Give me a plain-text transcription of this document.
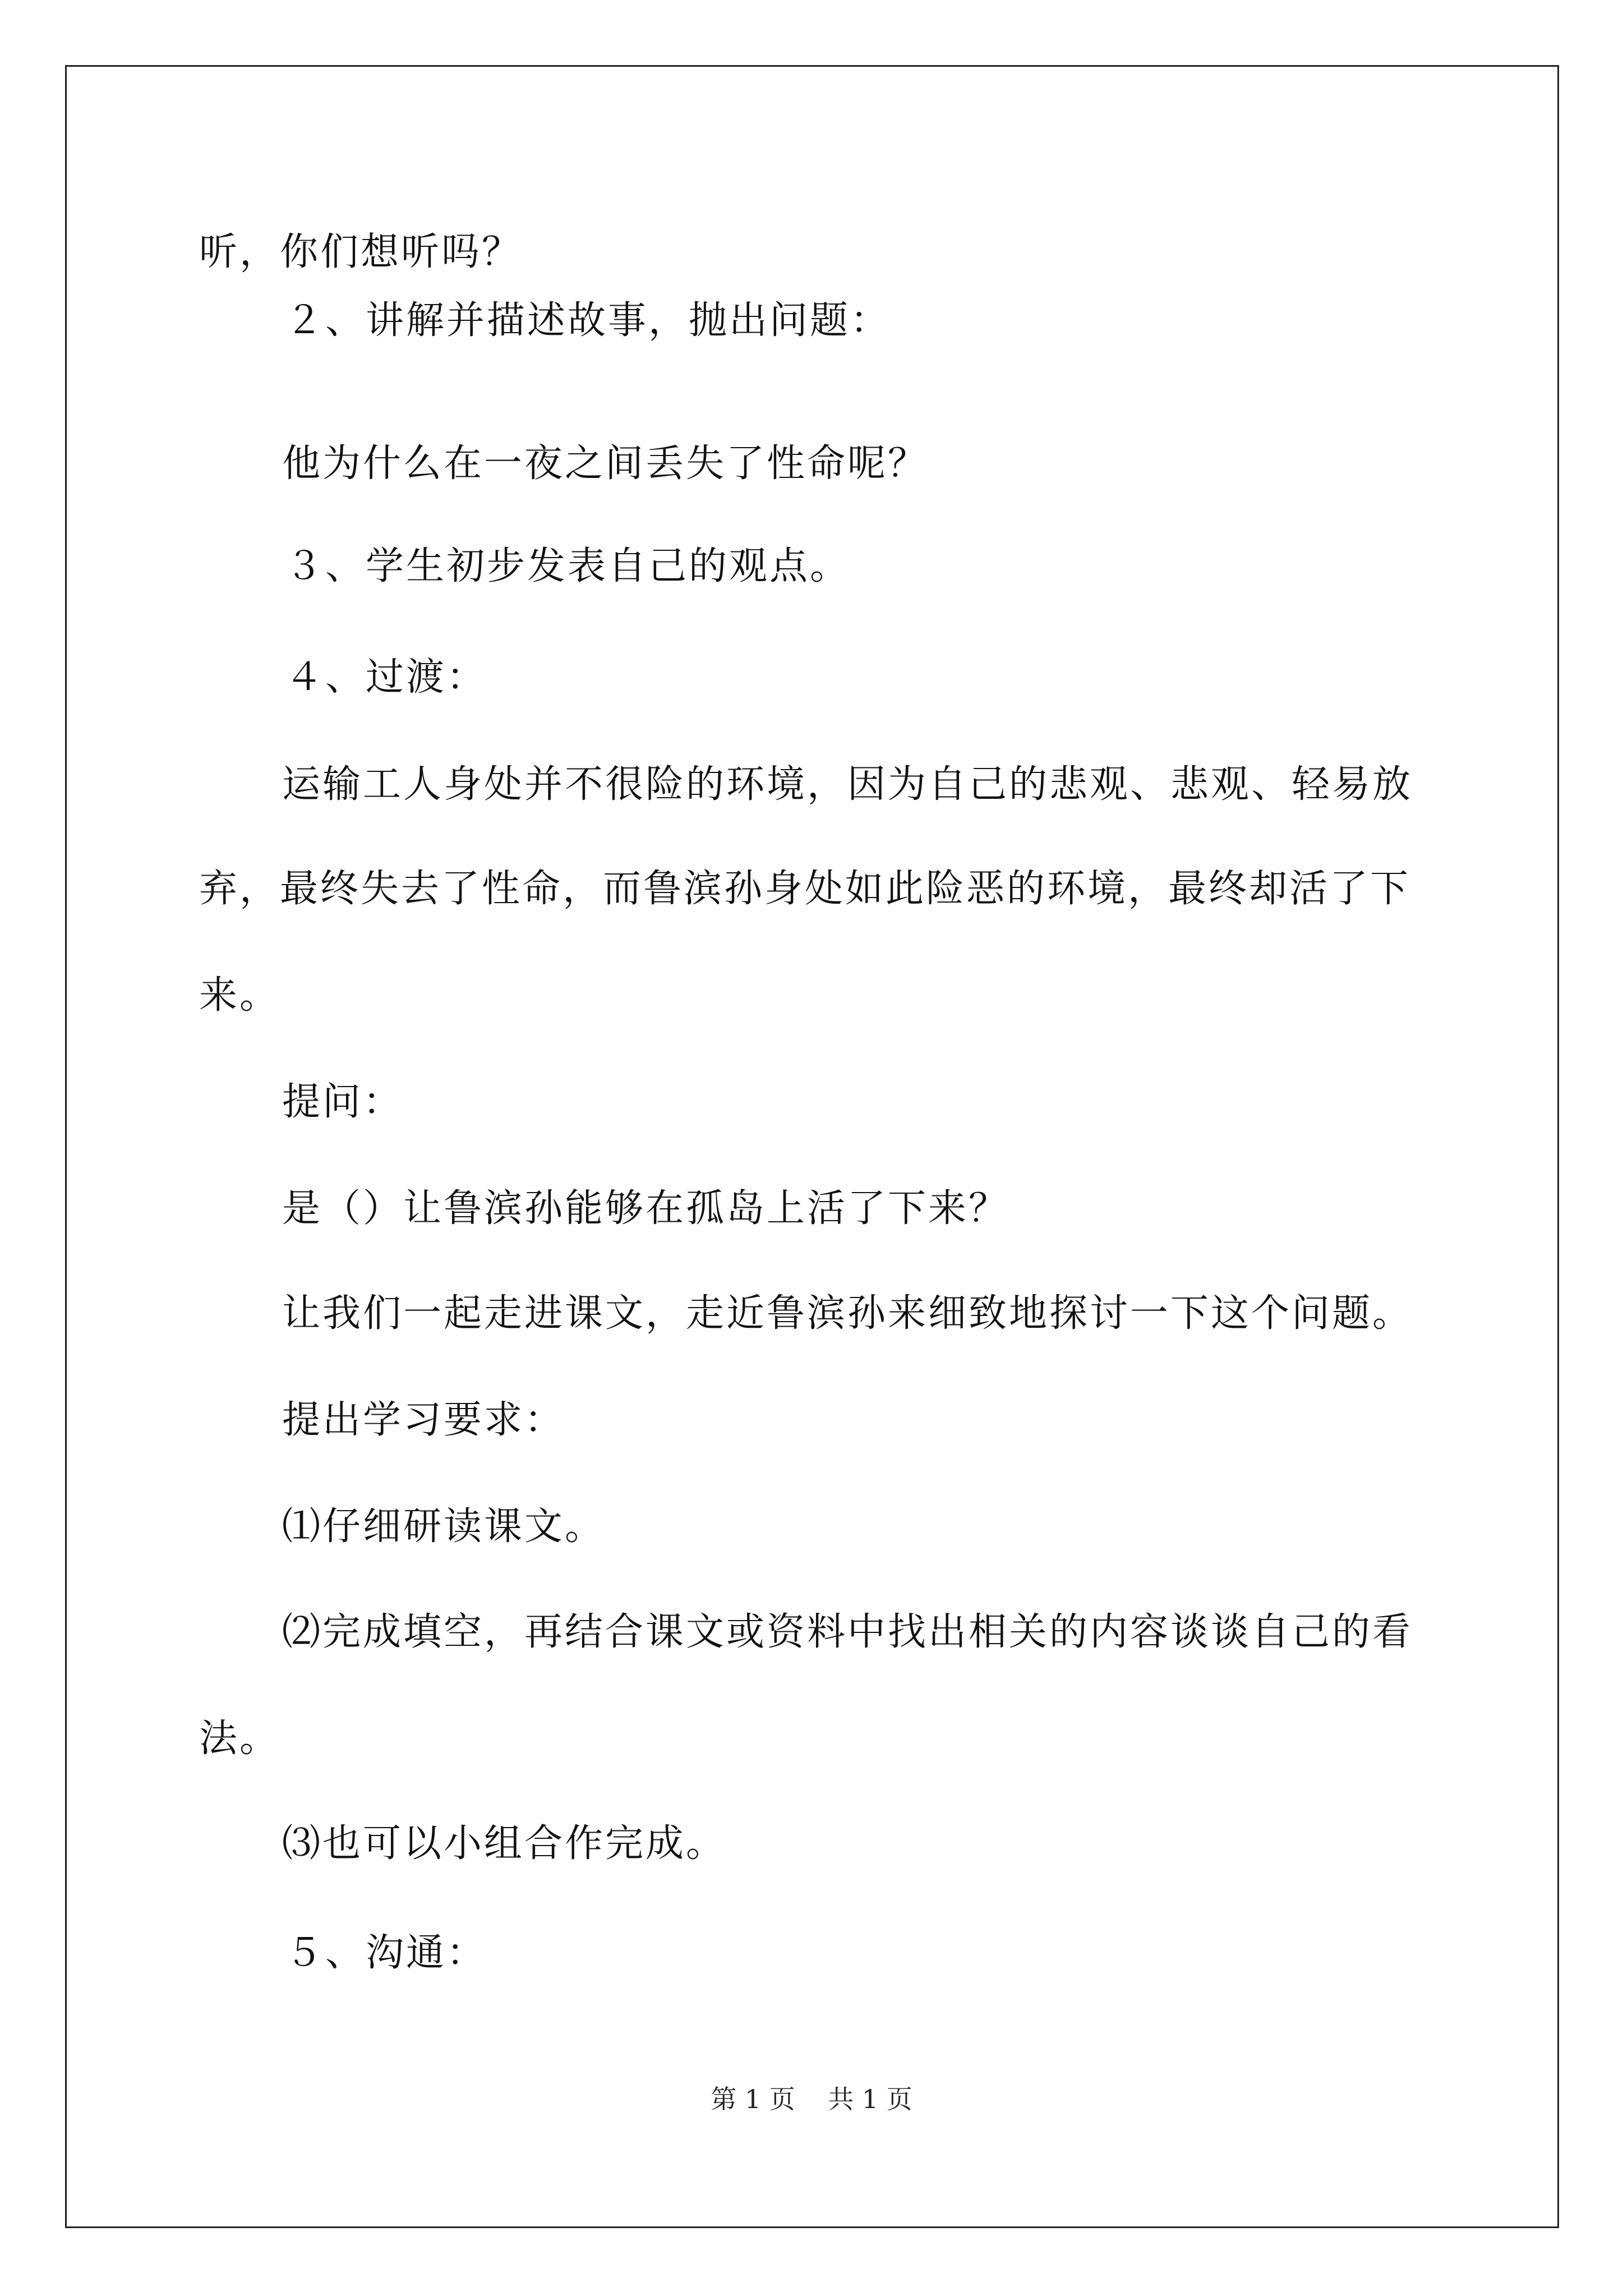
听，你们想听吗？
２、讲解并描述故事，抛出问题：
他为什么在一夜之间丢失了性命呢？
３、学生初步发表自己的观点。
４、过渡：
运输工人身处并不很险的环境，因为自己的悲观、悲观、轻易放
弃，最终失去了性命，而鲁滨孙身处如此险恶的环境，最终却活了下
来。
提问：
是（）让鲁滨孙能够在孤岛上活了下来？
让我们一起走进课文，走近鲁滨孙来细致地探讨一下这个问题。
提出学习要求：
⑴仔细研读课文。
⑵完成填空，再结合课文或资料中找出相关的内容谈谈自己的看
法。
⑶也可以小组合作完成。
５、沟通：
第 1 页    共 1 页
